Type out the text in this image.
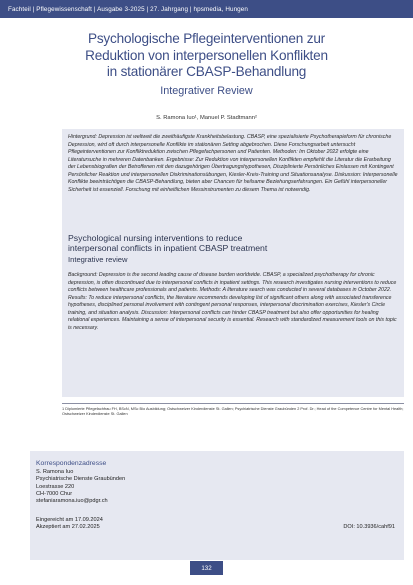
Fachteil | Pflegewissenschaft | Ausgabe 3-2025 | 27. Jahrgang | hpsmedia, Hungen
Psychologische Pflegeinterventionen zur
Reduktion von interpersonellen Konflikten
in stationärer CBASP-Behandlung
Integrativer Review
S. Ramona Iuo¹, Manuel P. Stadtmann²

Hintergrund: Depression ist weltweit die zweithäufigste Krankheitsbelastung. CBASP, eine spezialisierte Psychotherapieform für chronische Depression, wird oft durch interpersonelle Konflikte im stationären Setting abgebrochen. Diese Forschungsarbeit untersucht Pflegeinterventionen zur Konfliktreduktion zwischen Pflegefachpersonen und Patienten. Methoden: Im Oktober 2022 erfolgte eine Literatursuche in mehreren Datenbanken. Ergebnisse: Zur Reduktion von interpersonellen Konflikten empfiehlt die Literatur die Erarbeitung der Lebensbiografien der Betroffenen mit den dazugehörigen Übertragungshypothesen, Disziplinierte Persönliches Einlassen mit Kontingent Persönlicher Reaktion und interpersonellen Diskriminationsübungen, Kiesler-Kreis-Training und Situationsanalyse. Diskussion: Interpersonelle Konflikte beeinträchtigen die CBASP-Behandlung, bieten aber Chancen für heilsame Beziehungserfahrungen. Ein Gefühl interpersoneller Sicherheit ist essenziell. Forschung mit einheitlichen Messinstrumenten zu diesem Thema ist notwendig.

Psychological nursing interventions to reduce
interpersonal conflicts in inpatient CBASP treatment
Integrative review

Background: Depression is the second leading cause of disease burden worldwide. CBASP, a specialized psychotherapy for chronic depression, is often discontinued due to interpersonal conflicts in inpatient settings. This research investigates nursing interventions to reduce conflicts between healthcare professionals and patients. Methods: A literature search was conducted in several databases in October 2022. Results: To reduce interpersonal conflicts, the literature recommends developing list of significant others along with associated transference hypotheses, disciplined personal involvement with contingent personal responses, interpersonal discrimination exercises, Kiesler's Circle training, and situation analysis. Discussion: Interpersonal conflicts can hinder CBASP treatment but also offer opportunities for healing relational experiences. Maintaining a sense of interpersonal security is essential. Research with standardized measurement tools on this topic is necessary.

1 Diplomierte Pflegefachfrau FH, BScN, MSc Bio Ausbildung; Ostschweizer Kinderdienste St. Gallen; Psychiatrische Dienste Graubünden 2 Prof. Dr.; Head of the Competence Centre for Mental Health; Ostschweizer Kinderdienste St. Gallen

Korrespondenzadresse
S. Ramona Iuo
Psychiatrische Dienste Graubünden
Loestrasse 220
CH-7000 Chur
stefaniaramona.iuo@pdgr.ch
Eingereicht am 17.09.2024
Akzeptiert am 27.02.2025	DOI: 10.3936/cahf91
132
